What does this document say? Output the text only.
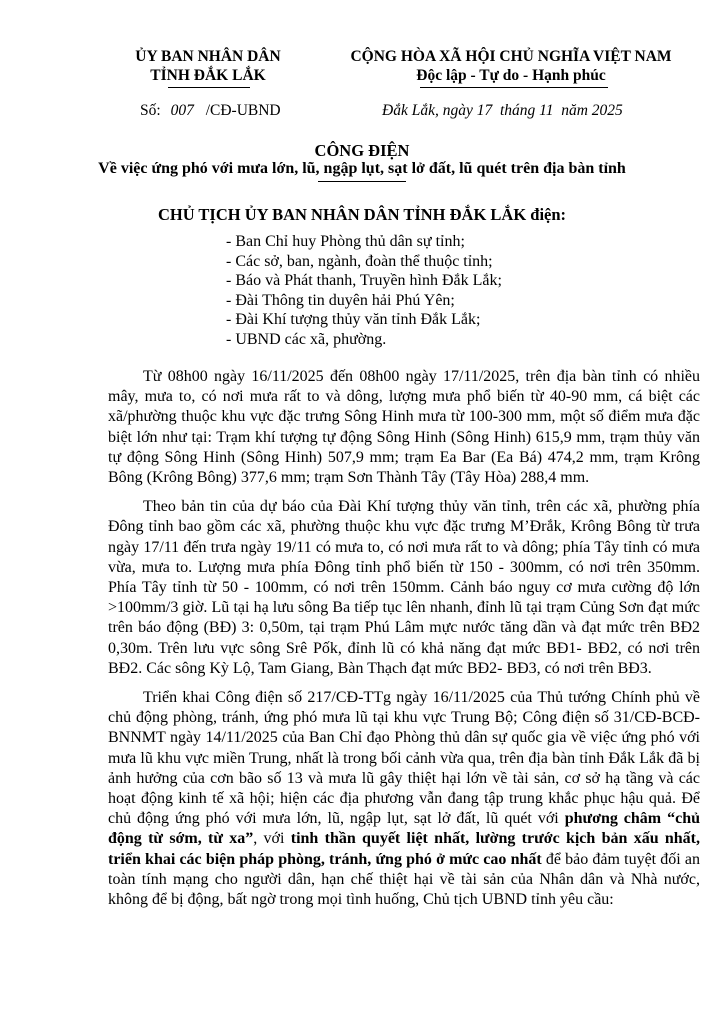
ỦY BAN NHÂN DÂN
TỈNH ĐẮK LẮK
CỘNG HÒA XÃ HỘI CHỦ NGHĨA VIỆT NAM
Độc lập - Tự do - Hạnh phúc
Số: 007 /CĐ-UBND	Đắk Lắk, ngày 17  tháng 11  năm 2025
CÔNG ĐIỆN
Về việc ứng phó với mưa lớn, lũ, ngập lụt, sạt lở đất, lũ quét trên địa bàn tỉnh
CHỦ TỊCH ỦY BAN NHÂN DÂN TỈNH ĐẮK LẮK điện:
- Ban Chỉ huy Phòng thủ dân sự tỉnh;
- Các sở, ban, ngành, đoàn thể thuộc tỉnh;
- Báo và Phát thanh, Truyền hình Đắk Lắk;
- Đài Thông tin duyên hải Phú Yên;
- Đài Khí tượng thủy văn tỉnh Đắk Lắk;
- UBND các xã, phường.

Từ 08h00 ngày 16/11/2025 đến 08h00 ngày 17/11/2025, trên địa bàn tỉnh có nhiều mây, mưa to, có nơi mưa rất to và dông, lượng mưa phổ biến từ 40-90 mm, cá biệt các xã/phường thuộc khu vực đặc trưng Sông Hinh mưa từ 100-300 mm, một số điểm mưa đặc biệt lớn như tại: Trạm khí tượng tự động Sông Hinh (Sông Hinh) 615,9 mm, trạm thủy văn tự động Sông Hinh (Sông Hinh) 507,9 mm; trạm Ea Bar (Ea Bá) 474,2 mm, trạm Krông Bông (Krông Bông) 377,6 mm; trạm Sơn Thành Tây (Tây Hòa) 288,4 mm.

Theo bản tin của dự báo của Đài Khí tượng thủy văn tỉnh, trên các xã, phường phía Đông tỉnh bao gồm các xã, phường thuộc khu vực đặc trưng M’Đrắk, Krông Bông từ trưa ngày 17/11 đến trưa ngày 19/11 có mưa to, có nơi mưa rất to và dông; phía Tây tỉnh có mưa vừa, mưa to. Lượng mưa phía Đông tỉnh phổ biến từ 150 - 300mm, có nơi trên 350mm. Phía Tây tỉnh từ 50 - 100mm, có nơi trên 150mm. Cảnh báo nguy cơ mưa cường độ lớn >100mm/3 giờ. Lũ tại hạ lưu sông Ba tiếp tục lên nhanh, đỉnh lũ tại trạm Củng Sơn đạt mức trên báo động (BĐ) 3: 0,50m, tại trạm Phú Lâm mực nước tăng dần và đạt mức trên BĐ2 0,30m. Trên lưu vực sông Srê Pốk, đỉnh lũ có khả năng đạt mức BĐ1- BĐ2, có nơi trên BĐ2. Các sông Kỳ Lộ, Tam Giang, Bàn Thạch đạt mức BĐ2- BĐ3, có nơi trên BĐ3.

Triển khai Công điện số 217/CĐ-TTg ngày 16/11/2025 của Thủ tướng Chính phủ về chủ động phòng, tránh, ứng phó mưa lũ tại khu vực Trung Bộ; Công điện số 31/CĐ-BCĐ-BNNMT ngày 14/11/2025 của Ban Chỉ đạo Phòng thủ dân sự quốc gia về việc ứng phó với mưa lũ khu vực miền Trung, nhất là trong bối cảnh vừa qua, trên địa bàn tỉnh Đắk Lắk đã bị ảnh hưởng của cơn bão số 13 và mưa lũ gây thiệt hại lớn về tài sản, cơ sở hạ tầng và các hoạt động kinh tế xã hội; hiện các địa phương vẫn đang tập trung khắc phục hậu quả. Để chủ động ứng phó với mưa lớn, lũ, ngập lụt, sạt lở đất, lũ quét với phương châm “chủ động từ sớm, từ xa”, với tinh thần quyết liệt nhất, lường trước kịch bản xấu nhất, triển khai các biện pháp phòng, tránh, ứng phó ở mức cao nhất để bảo đảm tuyệt đối an toàn tính mạng cho người dân, hạn chế thiệt hại về tài sản của Nhân dân và Nhà nước, không để bị động, bất ngờ trong mọi tình huống, Chủ tịch UBND tỉnh yêu cầu:
